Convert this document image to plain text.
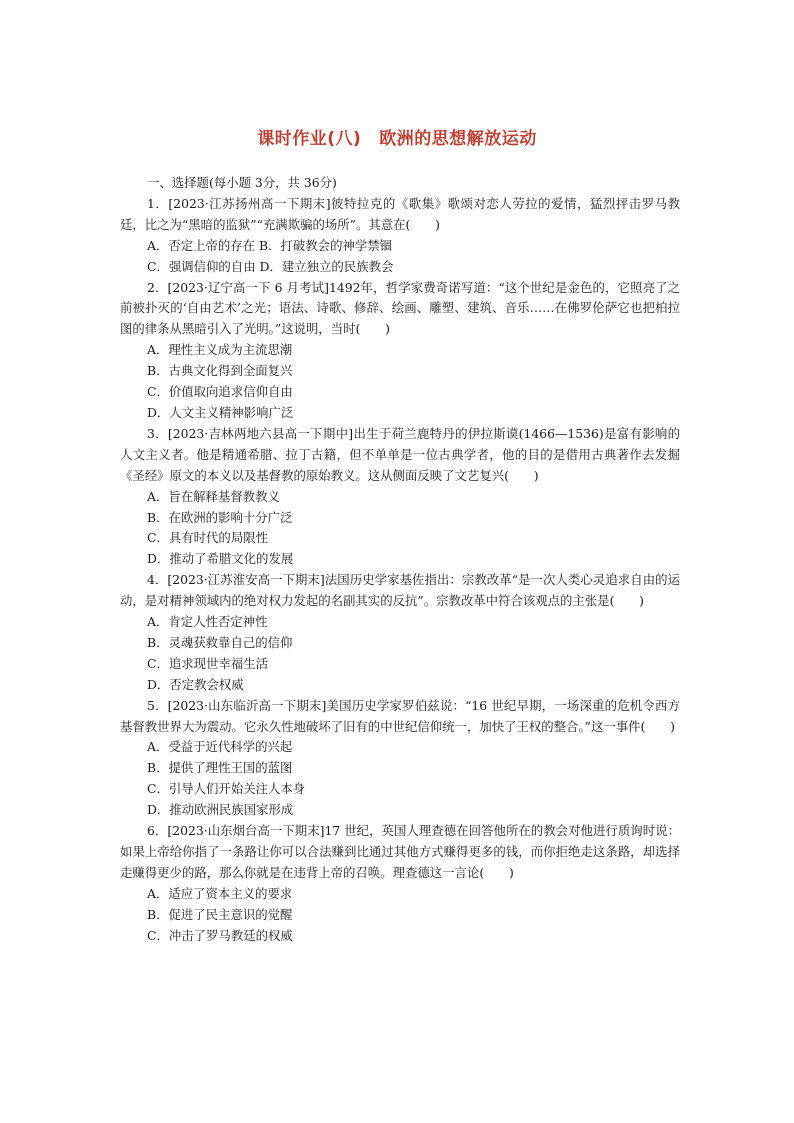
课时作业(八) 欧洲的思想解放运动

一、选择题(每小题 3分，共 36分)

1．[2023·江苏扬州高一下期末]彼特拉克的《歌集》歌颂对恋人劳拉的爱情，猛烈抨击罗马教廷，比之为“黑暗的监狱”“充满欺骗的场所”。其意在(　　)

A．否定上帝的存在 B．打破教会的神学禁锢

C．强调信仰的自由 D．建立独立的民族教会

2．[2023·辽宁高一下 6 月考试]1492年，哲学家费奇诺写道：“这个世纪是金色的，它照亮了之前被扑灭的‘自由艺术’之光；语法、诗歌、修辞、绘画、雕塑、建筑、音乐……在佛罗伦萨它也把柏拉图的律条从黑暗引入了光明。”这说明，当时(　　)

A．理性主义成为主流思潮

B．古典文化得到全面复兴

C．价值取向追求信仰自由

D．人文主义精神影响广泛

3．[2023·吉林两地六县高一下期中]出生于荷兰鹿特丹的伊拉斯谟(1466—1536)是富有影响的人文主义者。他是精通希腊、拉丁古籍，但不单单是一位古典学者，他的目的是借用古典著作去发掘《圣经》原文的本义以及基督教的原始教义。这从侧面反映了文艺复兴(　　)

A．旨在解释基督教教义

B．在欧洲的影响十分广泛

C．具有时代的局限性

D．推动了希腊文化的发展

4．[2023·江苏淮安高一下期末]法国历史学家基佐指出：宗教改革“是一次人类心灵追求自由的运动，是对精神领域内的绝对权力发起的名副其实的反抗”。宗教改革中符合该观点的主张是(　　)

A．肯定人性否定神性

B．灵魂获救靠自己的信仰

C．追求现世幸福生活

D．否定教会权威

5．[2023·山东临沂高一下期末]美国历史学家罗伯兹说：“16 世纪早期，一场深重的危机令西方基督教世界大为震动。它永久性地破坏了旧有的中世纪信仰统一，加快了王权的整合。”这一事件(　　)

A．受益于近代科学的兴起

B．提供了理性王国的蓝图

C．引导人们开始关注人本身

D．推动欧洲民族国家形成

6．[2023·山东烟台高一下期末]17 世纪，英国人理查德在回答他所在的教会对他进行质询时说：如果上帝给你指了一条路让你可以合法赚到比通过其他方式赚得更多的钱，而你拒绝走这条路，却选择走赚得更少的路，那么你就是在违背上帝的召唤。理查德这一言论(　　)

A．适应了资本主义的要求

B．促进了民主意识的觉醒

C．冲击了罗马教廷的权威
